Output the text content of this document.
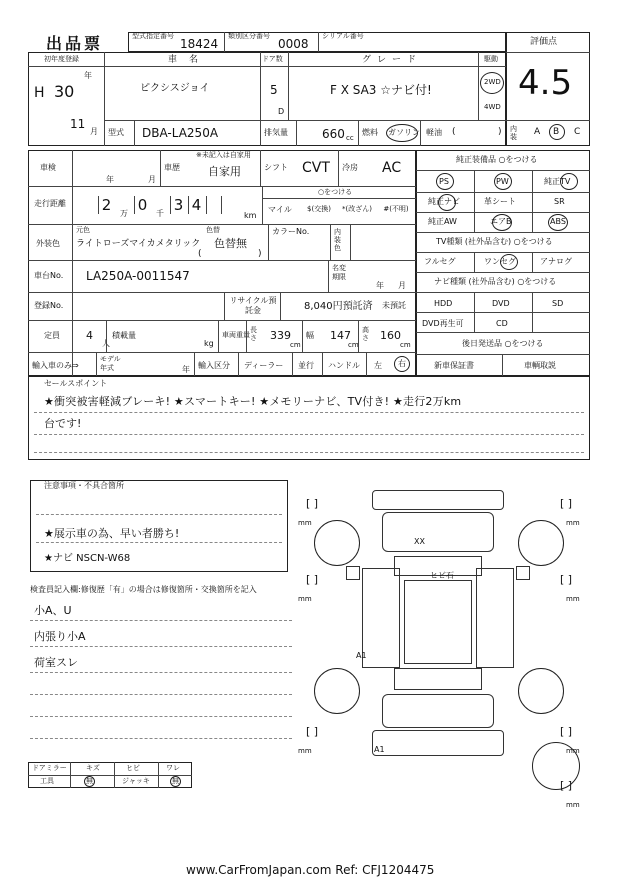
出品票	型式指定番号
18424
類別区分番号
0008
シリアル番号
評価点
4.5
初年度登録
H 30
年
11
月
車名
ピクシスジョイ
ドア数
5
D
グレード
F X SA3 ☆ナビ付!
駆動
2WD
4WD
型式 DBA-LA250A	排気量	660 cc
燃料 ガソリン 軽油 (	) 内装	A B C
車検
年	月
車歴
※未記入は自家用
自家用	シフト CVT 冷房 AC
走行距離 2	万 0	千 3 4
km
○をつける
マイル	$(交換)	*(改ざん)	#(不明)
外装色
元色
ライトローズマイカメタリック
色替
色替無
(	)
カラーNo.	内装色
車台No. LA250A-0011547
名変期限
年 月
登録No.
リサイクル預託金	8,040円預託済 未預託
定員 4
人
積載量
kg
車両重量
長さ 339
cm
幅 147
cm
高さ 160
cm
輸入車のみ⇒
モデル年式	年 輸入区分 ディーラー 並行 ハンドル 左 右
純正装備品 ○をつける
PS	PW	純正TV
純正ナビ	革シート	SR
純正AW	エアB	ABS
TV種類 (社外品含む) ○をつける
フルセグ	ワンセグ	アナログ
ナビ種類 (社外品含む) ○をつける
HDD	DVD	SD
DVD再生可	CD
後日発送品 ○をつける
新車保証書	車輌取説
セールスポイント
★衝突被害軽減ブレーキ! ★スマートキー! ★メモリーナビ、TV付き! ★走行2万km
台です!
注意事項・不具合箇所
★展示車の為、早い者勝ち!
★ナビ NSCN-W68
検査員記入欄:修復歴「有」の場合は修復箇所・交換箇所を記入
小A、U
内張り小A
荷室スレ
ドアミラー	キズ	ヒビ	ワレ
工具	無	ジャッキ	無
[ ]
mm
[ ]
mm
[ ]
mm
[ ]
mm
[ ]
mm
[ ]
mm
[ ]
mm
XX
ヒビ石
A1
A1
www.CarFromJapan.com Ref: CFJ1204475
